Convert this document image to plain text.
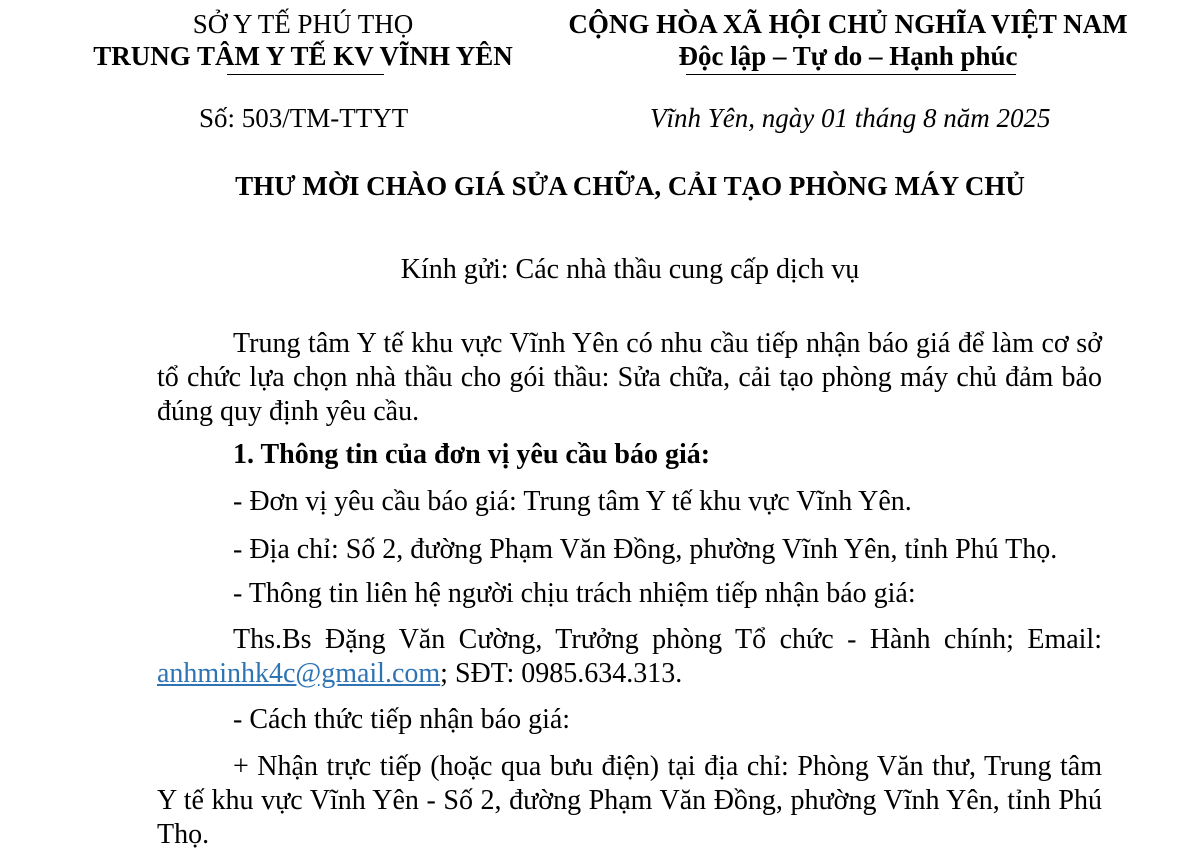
SỞ Y TẾ PHÚ THỌ
TRUNG TÂM Y TẾ KV VĨNH YÊN
Số: 503/TM-TTYT
CỘNG HÒA XÃ HỘI CHỦ NGHĨA VIỆT NAM
Độc lập – Tự do – Hạnh phúc
Vĩnh Yên, ngày 01 tháng 8 năm 2025
THƯ MỜI CHÀO GIÁ SỬA CHỮA, CẢI TẠO PHÒNG MÁY CHỦ
Kính gửi: Các nhà thầu cung cấp dịch vụ
Trung tâm Y tế khu vực Vĩnh Yên có nhu cầu tiếp nhận báo giá để làm cơ sở tổ chức lựa chọn nhà thầu cho gói thầu: Sửa chữa, cải tạo phòng máy chủ đảm bảo đúng quy định yêu cầu.
1. Thông tin của đơn vị yêu cầu báo giá:
- Đơn vị yêu cầu báo giá: Trung tâm Y tế khu vực Vĩnh Yên.
- Địa chỉ: Số 2, đường Phạm Văn Đồng, phường Vĩnh Yên, tỉnh Phú Thọ.
- Thông tin liên hệ người chịu trách nhiệm tiếp nhận báo giá:
Ths.Bs Đặng Văn Cường, Trưởng phòng Tổ chức - Hành chính; Email: anhminhk4c@gmail.com; SĐT: 0985.634.313.
- Cách thức tiếp nhận báo giá:
+ Nhận trực tiếp (hoặc qua bưu điện) tại địa chỉ: Phòng Văn thư, Trung tâm Y tế khu vực Vĩnh Yên - Số 2, đường Phạm Văn Đồng, phường Vĩnh Yên, tỉnh Phú Thọ.
